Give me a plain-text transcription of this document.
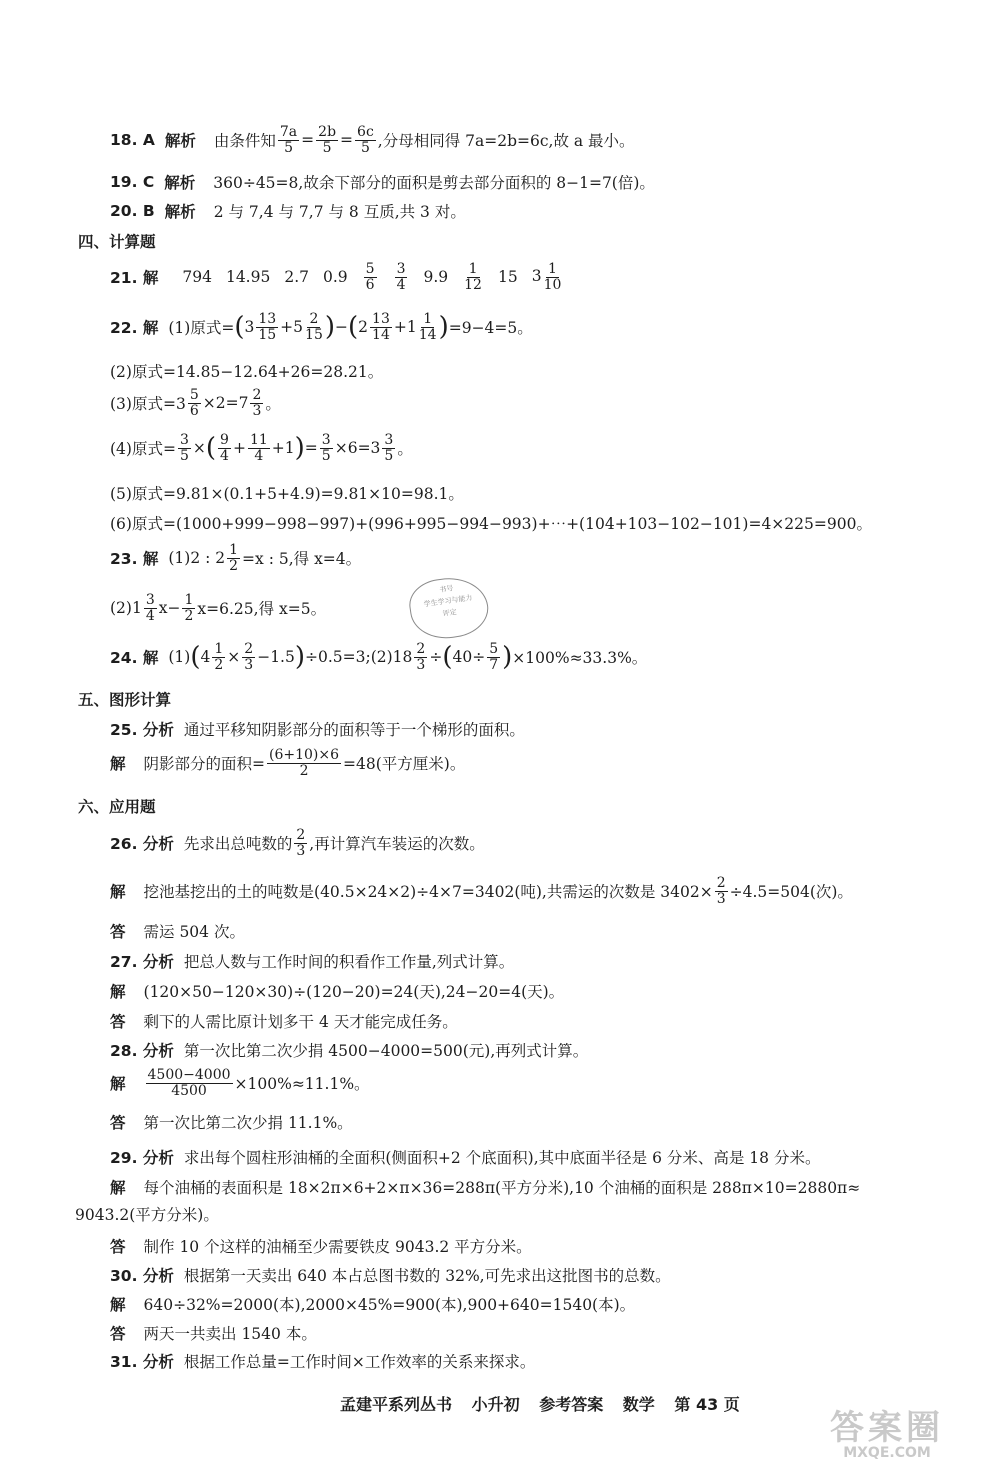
18. A 解析 由条件知 $\frac{7a}{5} = \frac{2b}{5} = \frac{6c}{5}$ ,分母相同得 7a=2b=6c,故 a 最小。
19. C 解析 360÷45=8,故余下部分的面积是剪去部分面积的 8−1=7(倍)。
20. B 解析 2 与 7,4 与 7,7 与 8 互质,共 3 对。
四、计算题
21. 解 794 14.95 2.7 $0.9 \frac{5}{6} \frac{3}{4} 9.9 \frac{1}{12} 15$ $3 \frac{1}{10}$
22. 解 (1)原式= ( $3 \frac{13}{15} +5 \frac{2}{15}$ ) − ( $2 \frac{13}{14} +1 \frac{1}{14}$ ) =9−4=5。
(2)原式=14.85−12.64+26=28.21。
(3)原式$=3 \frac{5}{6} \times 2=7 \frac{2}{3}$ 。
(4)原式= $\frac{3}{5}$ × ( $\frac{9}{4} + \frac{11}{4} +1$ ) = $\frac{3}{5} \times 6=3 \frac{3}{5}$ 。
(5)原式=9.81×(0.1+5+4.9)=9.81×10=98.1。
(6)原式=(1000+999−998−997)+(996+995−994−993)+⋯+(104+103−102−101)=4×225=900。
23. 解 (1)2 : $2 \frac{1}{2} =x$ : 5,得 x=4。
$(2)1 \frac{3}{4} x- \frac{1}{2} x=6.25$,得 x=5。
书号
学生学习与能力
评定
24. 解 (1) ( $4 \frac{1}{2} \times \frac{2}{3} -1.5$ ) ÷0.5=3;(2)18 $\frac{2}{3}$ ÷ ( $40\div \frac{5}{7}$ ) ×100%≈33.3%。
五、图形计算
25. 分析 通过平移知阴影部分的面积等于一个梯形的面积。
解 阴影部分的面积= $\frac{(6+10)\times 6}{2} =48$(平方厘米)。
六、应用题
26. 分析 先求出总吨数的 $\frac{2}{3}$ ,再计算汽车装运的次数。
解 挖池基挖出的土的吨数是(40.5×24×2)÷4×7=3402(吨),共需运的次数是 $3402\times \frac{2}{3} \div 4.5=504$(次)。
答 需运 504 次。
27. 分析 把总人数与工作时间的积看作工作量,列式计算。
解 (120×50−120×30)÷(120−20)=24(天),24−20=4(天)。
答 剩下的人需比原计划多干 4 天才能完成任务。
28. 分析 第一次比第二次少捐 4500−4000=500(元),再列式计算。
解 $\frac{4500-4000}{4500} \times 100\%\approx 11.1\%$。
答 第一次比第二次少捐 11.1%。
29. 分析 求出每个圆柱形油桶的全面积(侧面积+2 个底面积),其中底面半径是 6 分米、高是 18 分米。
解 每个油桶的表面积是 18×2π×6+2×π×36=288π(平方分米),10 个油桶的面积是 288π×10=2880π≈
9043.2(平方分米)。
答 制作 10 个这样的油桶至少需要铁皮 9043.2 平方分米。
30. 分析 根据第一天卖出 640 本占总图书数的 32%,可先求出这批图书的总数。
解 640÷32%=2000(本),2000×45%=900(本),900+640=1540(本)。
答 两天一共卖出 1540 本。
31. 分析 根据工作总量=工作时间×工作效率的关系来探求。
孟建平系列丛书 小升初 参考答案 数学 第 43 页
答案圈
MXQE.COM
